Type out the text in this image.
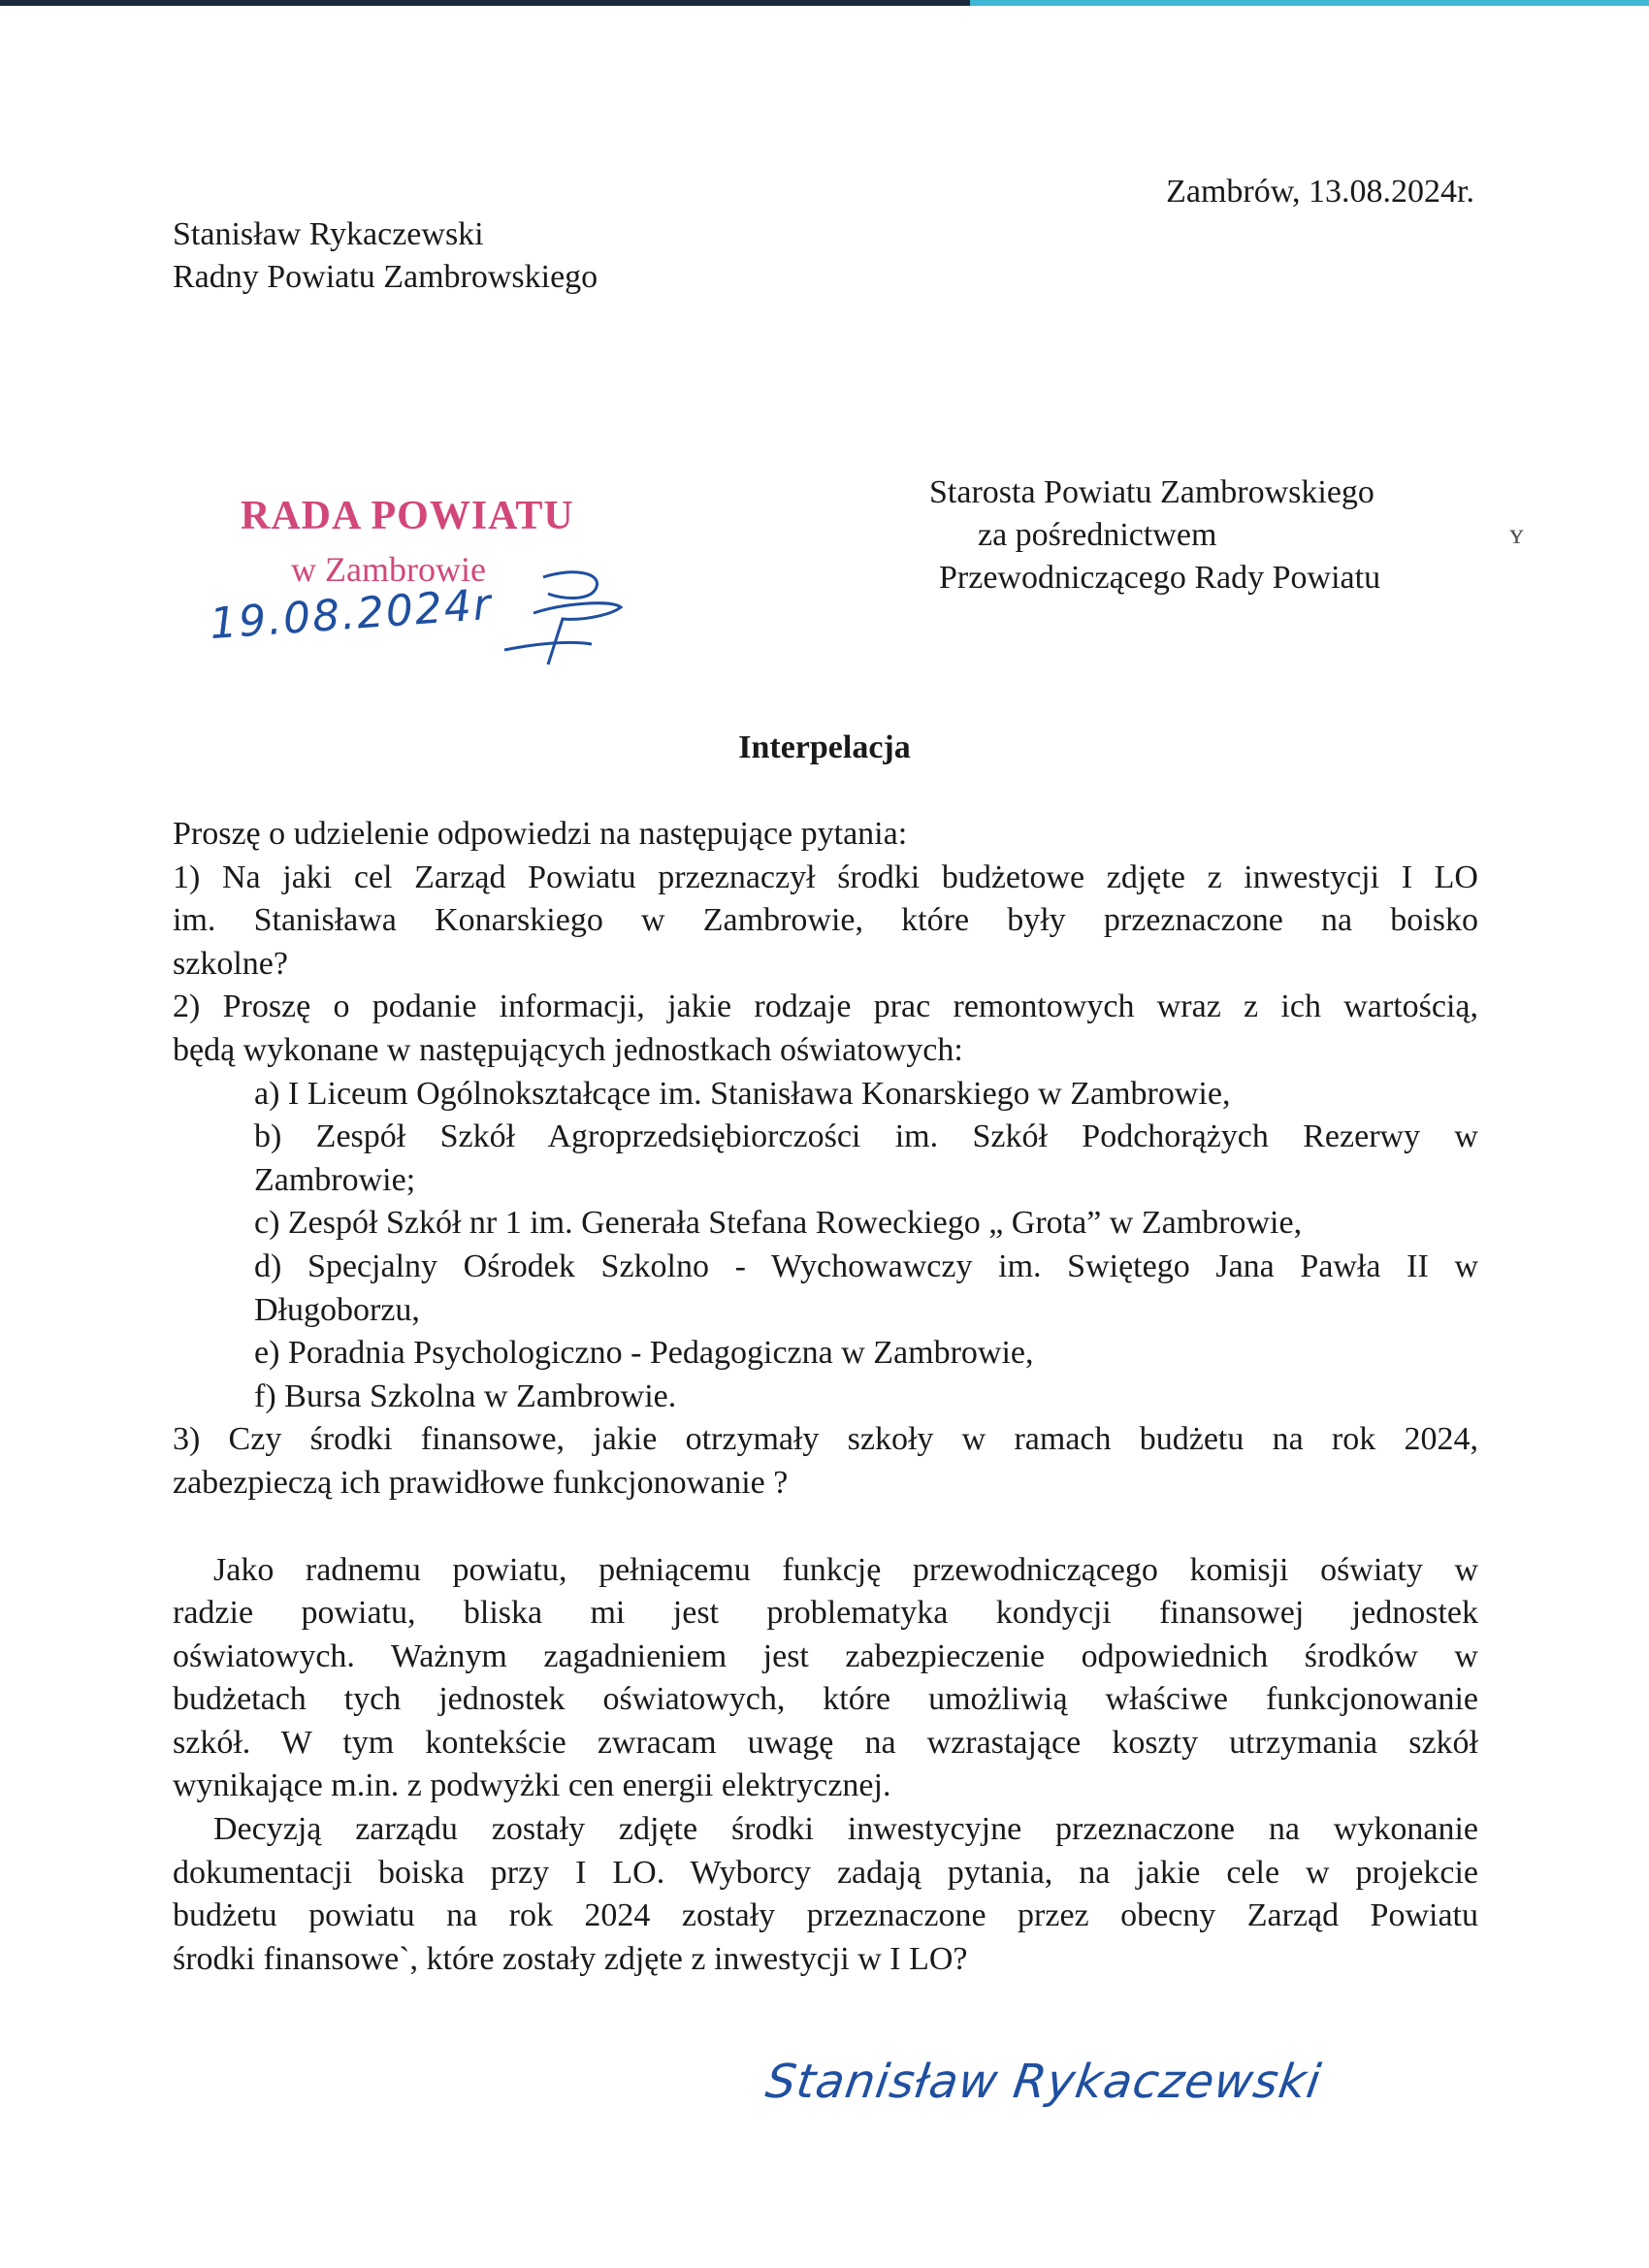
Zambrów, 13.08.2024r.
Stanisław Rykaczewski
Radny Powiatu Zambrowskiego
Starosta Powiatu Zambrowskiego
za pośrednictwem
Przewodniczącego Rady Powiatu
ʏ
RADA POWIATU
w Zambrowie
19.08.2024r
Interpelacja
Proszę o udzielenie odpowiedzi na następujące pytania:
1) Na jaki cel Zarząd Powiatu przeznaczył środki budżetowe zdjęte z inwestycji I LO
im. Stanisława Konarskiego w Zambrowie, które były przeznaczone na boisko
szkolne?
2) Proszę o podanie informacji, jakie rodzaje prac remontowych wraz z ich wartością,
będą wykonane w następujących jednostkach oświatowych:
a) I Liceum Ogólnokształcące im. Stanisława Konarskiego w Zambrowie,
b) Zespół Szkół Agroprzedsiębiorczości im. Szkół Podchorążych Rezerwy w
Zambrowie;
c) Zespół Szkół nr 1 im. Generała Stefana Roweckiego „ Grota” w Zambrowie,
d) Specjalny Ośrodek Szkolno - Wychowawczy im. Swiętego Jana Pawła II w
Długoborzu,
e) Poradnia Psychologiczno - Pedagogiczna w Zambrowie,
f) Bursa Szkolna w Zambrowie.
3) Czy środki finansowe, jakie otrzymały szkoły w ramach budżetu na rok 2024,
zabezpieczą ich prawidłowe funkcjonowanie ?
Jako radnemu powiatu, pełniącemu funkcję przewodniczącego komisji oświaty w
radzie powiatu, bliska mi jest problematyka kondycji finansowej jednostek
oświatowych. Ważnym zagadnieniem jest zabezpieczenie odpowiednich środków w
budżetach tych jednostek oświatowych, które umożliwią właściwe funkcjonowanie
szkół. W tym kontekście zwracam uwagę na wzrastające koszty utrzymania szkół
wynikające m.in. z podwyżki cen energii elektrycznej.
Decyzją zarządu zostały zdjęte środki inwestycyjne przeznaczone na wykonanie
dokumentacji boiska przy I LO. Wyborcy zadają pytania, na jakie cele w projekcie
budżetu powiatu na rok 2024 zostały przeznaczone przez obecny Zarząd Powiatu
środki finansowe`, które zostały zdjęte z inwestycji w I LO?
Stanisław Rykaczewski
